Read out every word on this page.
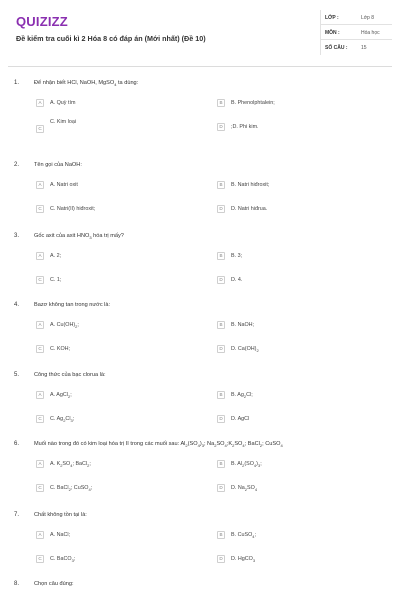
QUIZIZZ
Đề kiểm tra cuối kì 2 Hóa 8 có đáp án (Mới nhất) (Đề 10)
LỚP :	Lớp 8
MÔN :	Hóa học
SỐ CÂU :	15
1.	Để nhận biết HCl, NaOH, MgSO$_4$ ta dùng:
A	A. Quỳ tím	B	B. Phenolphtalein;
C
C. Kim loại
D	;D. Phi kim.
2.	Tên gọi của NaOH:
A	A. Natri oxit	B	B. Natri hiđroxit;
C	C. Natri(II) hiđroxit;	D	D. Natri hiđrua.
3.	Gốc axit của axit $HNO_3$ hóa trị mấy?
A	A. 2;	B	B. 3;
C	C. 1;	D	D. 4.
4.	Bazơ không tan trong nước là:
A	A. $Cu(OH)_2$;	B	B. NaOH;
C	C. KOH;	D	D. $Ca(OH)_2$
5.	Công thức của bạc clorua là:
A	A. AgCl$_2$;	B	B. $Ag_2Cl$;
C	C. $Ag_2Cl_3$;	D	D. AgCl
6.	Muối nào trong đó có kim loại hóa trị II trong các muối sau: $Al_2(SO_4)_3$; $Na_2SO_4;K_2SO_4$; BaCl$_2$; CuSO$_4$
A	A. $K_2SO_4$; BaCl$_2$;	B	B. $Al_2(SO_4)_3$;
C	C. BaCl$_2$; CuSO$_4$;	D	D. $Na_2SO_4$
7.	Chất không tồn tại là:
A	A. NaCl;	B	B. CuSO$_4$;
C	C. BaCO$_3$;	D	D. HgCO$_3$
8.	Chọn câu đúng:
